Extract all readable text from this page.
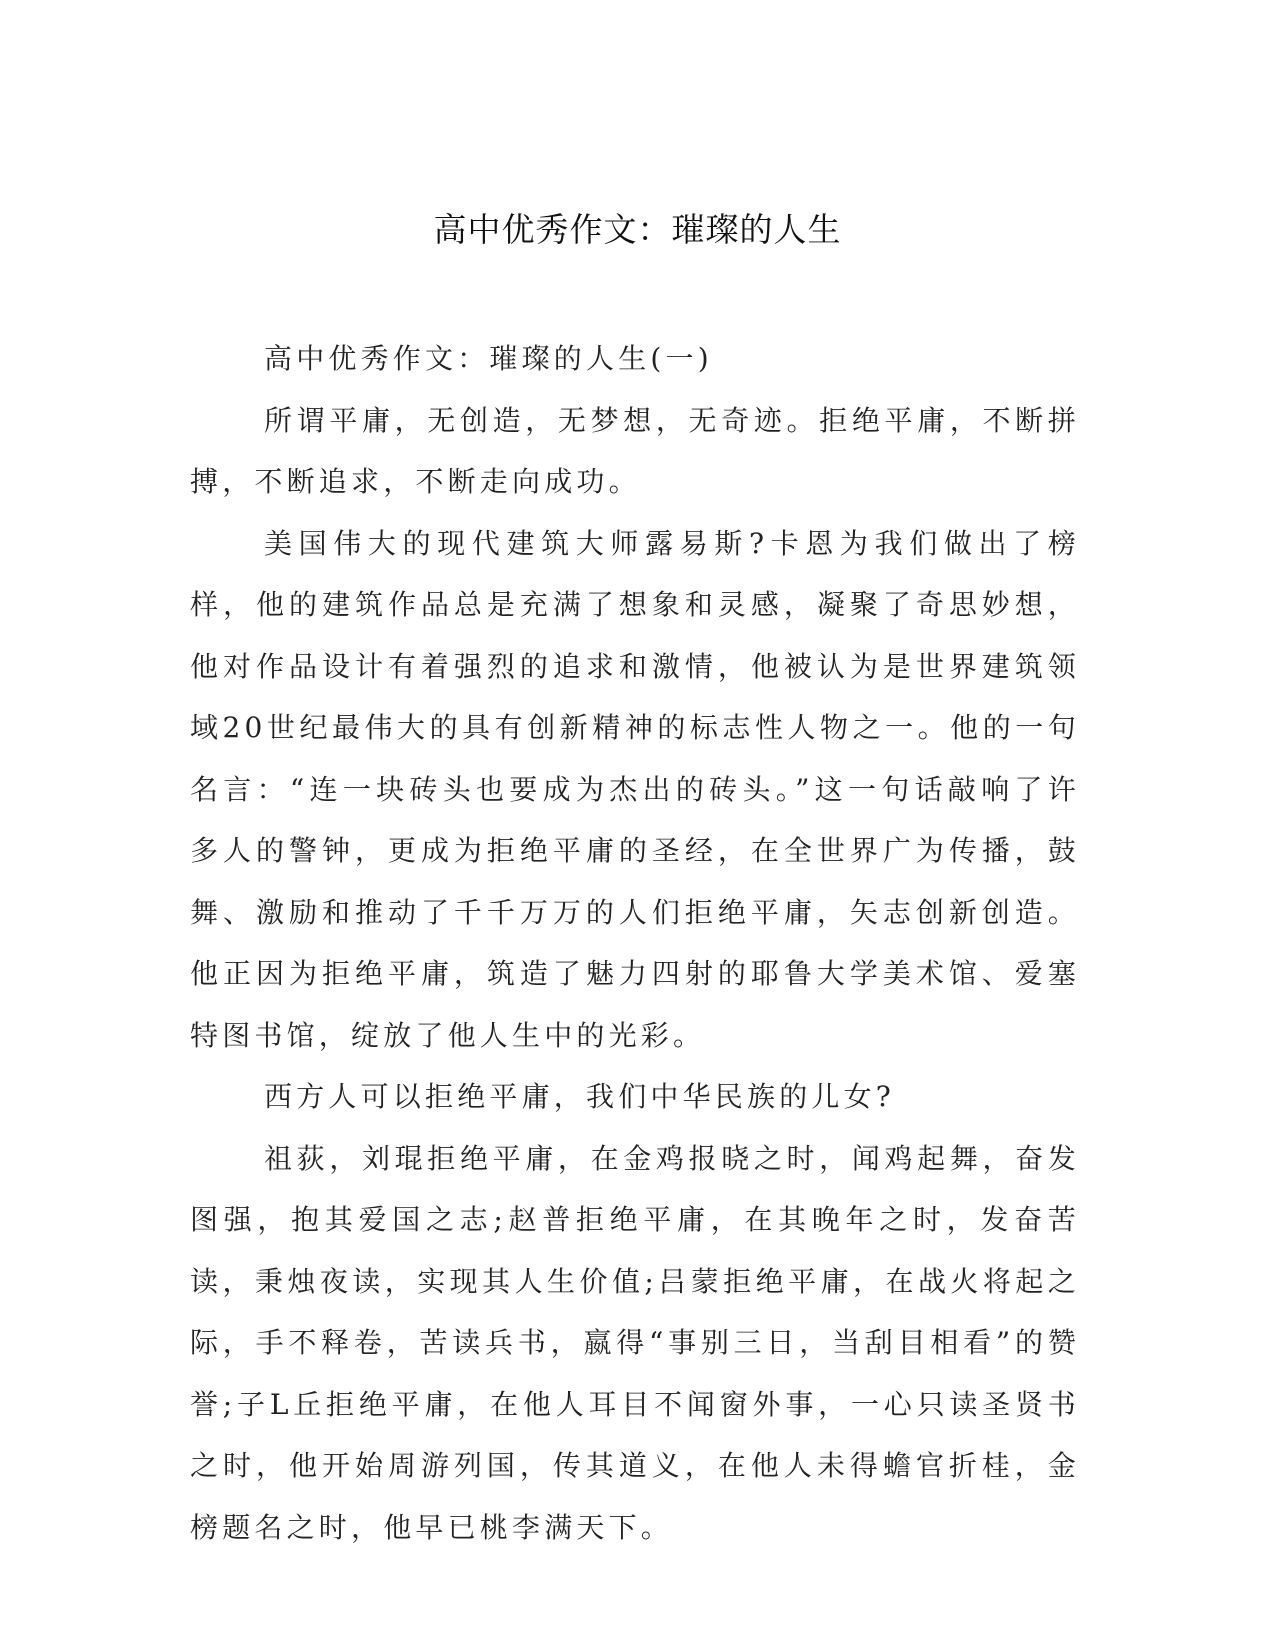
高中优秀作文：璀璨的人生

高中优秀作文：璀璨的人生(一)

所谓平庸，无创造，无梦想，无奇迹。拒绝平庸，不断拼搏，不断追求，不断走向成功。

美国伟大的现代建筑大师露易斯?卡恩为我们做出了榜样，他的建筑作品总是充满了想象和灵感，凝聚了奇思妙想，他对作品设计有着强烈的追求和激情，他被认为是世界建筑领域20世纪最伟大的具有创新精神的标志性人物之一。他的一句名言：“连一块砖头也要成为杰出的砖头。”这一句话敲响了许多人的警钟，更成为拒绝平庸的圣经，在全世界广为传播，鼓舞、激励和推动了千千万万的人们拒绝平庸，矢志创新创造。他正因为拒绝平庸，筑造了魅力四射的耶鲁大学美术馆、爱塞特图书馆，绽放了他人生中的光彩。

西方人可以拒绝平庸，我们中华民族的儿女?

祖荻，刘琨拒绝平庸，在金鸡报晓之时，闻鸡起舞，奋发图强，抱其爱国之志;赵普拒绝平庸，在其晚年之时，发奋苦读，秉烛夜读，实现其人生价值;吕蒙拒绝平庸，在战火将起之际，手不释卷，苦读兵书，嬴得“事别三日，当刮目相看”的赞誉;子L丘拒绝平庸，在他人耳目不闻窗外事，一心只读圣贤书之时，他开始周游列国，传其道义，在他人未得蟾官折桂，金榜题名之时，他早已桃李满天下。
